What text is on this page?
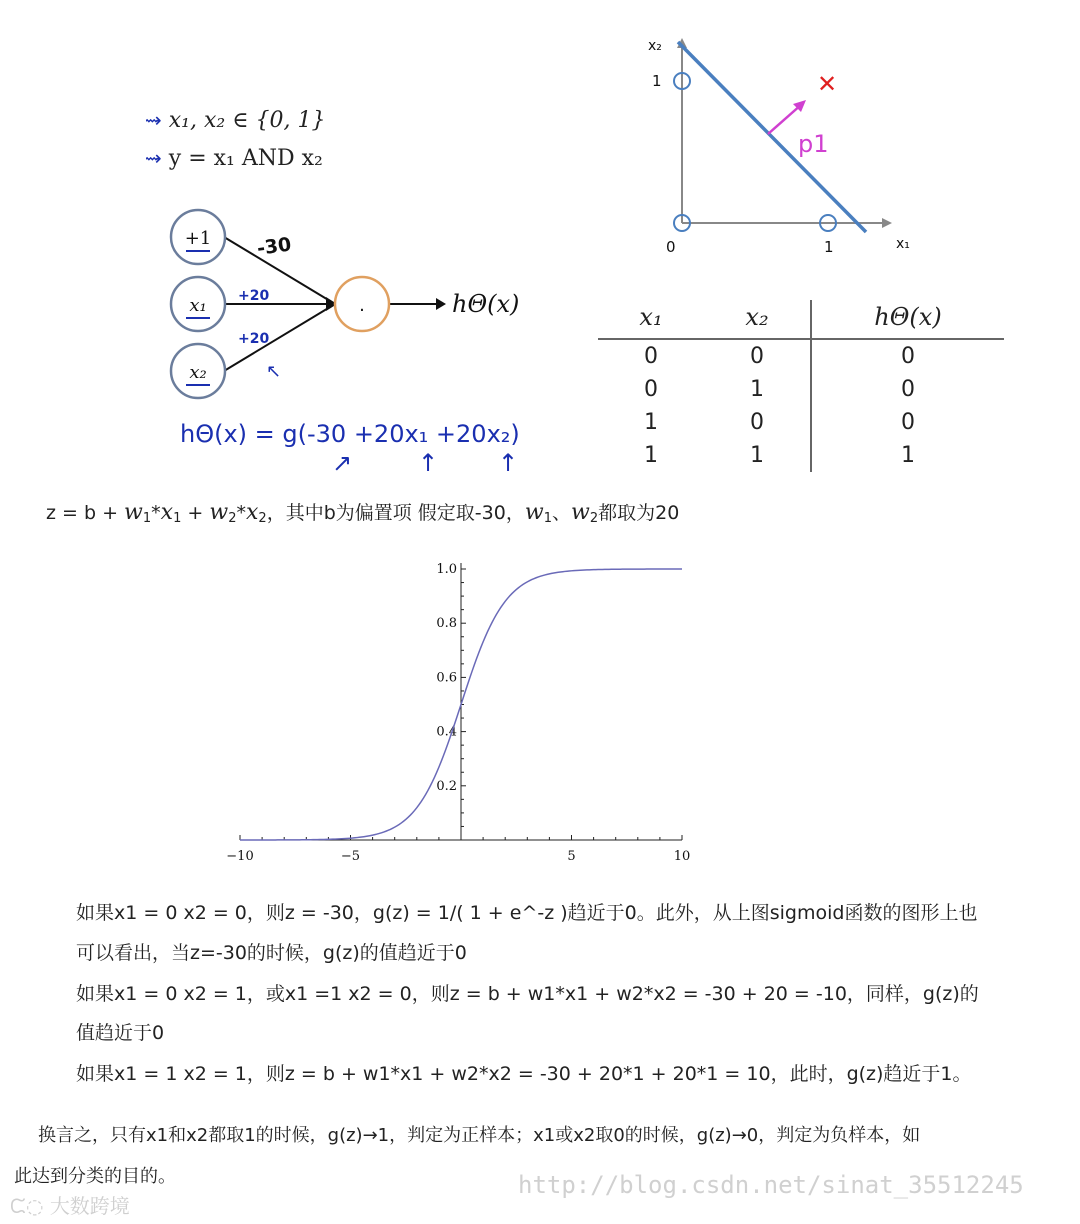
⇝ x₁, x₂ ∈ {0, 1}
⇝ y = x₁ AND x₂
+1
x₁
x₂
.
-30
+20
+20
↖
hΘ(x)
hΘ(x) = g(-30 +20x₁ +20x₂)
↗	↑ ↑
p1
✕
x₂
x₁
1
0	1
x₁	x₂	hΘ(x)
0	0	0
0	1	0
1	0	0
1	1	1
$z = b + w_1*x_1 + w_2*x_2$，其中b为偏置项 假定取-30，$w_1$、$w_2$都取为20
−10	−5	5	10
0.2
0.4
0.6
0.8
1.0
如果x1 = 0 x2 = 0，则z = -30，g(z) = 1/( 1 + e^-z )趋近于0。此外，从上图sigmoid函数的图形上也
可以看出，当z=-30的时候，g(z)的值趋近于0
如果x1 = 0 x2 = 1，或x1 =1 x2 = 0，则z = b + w1*x1 + w2*x2 = -30 + 20 = -10，同样，g(z)的
值趋近于0
如果x1 = 1 x2 = 1，则z = b + w1*x1 + w2*x2 = -30 + 20*1 + 20*1 = 10，此时，g(z)趋近于1。
换言之，只有x1和x2都取1的时候，g(z)→1，判定为正样本；x1或x2取0的时候，g(z)→0，判定为负样本，如
此达到分类的目的。	http://blog.csdn.net/sinat_35512245
ᙅ◌ 大数跨境
